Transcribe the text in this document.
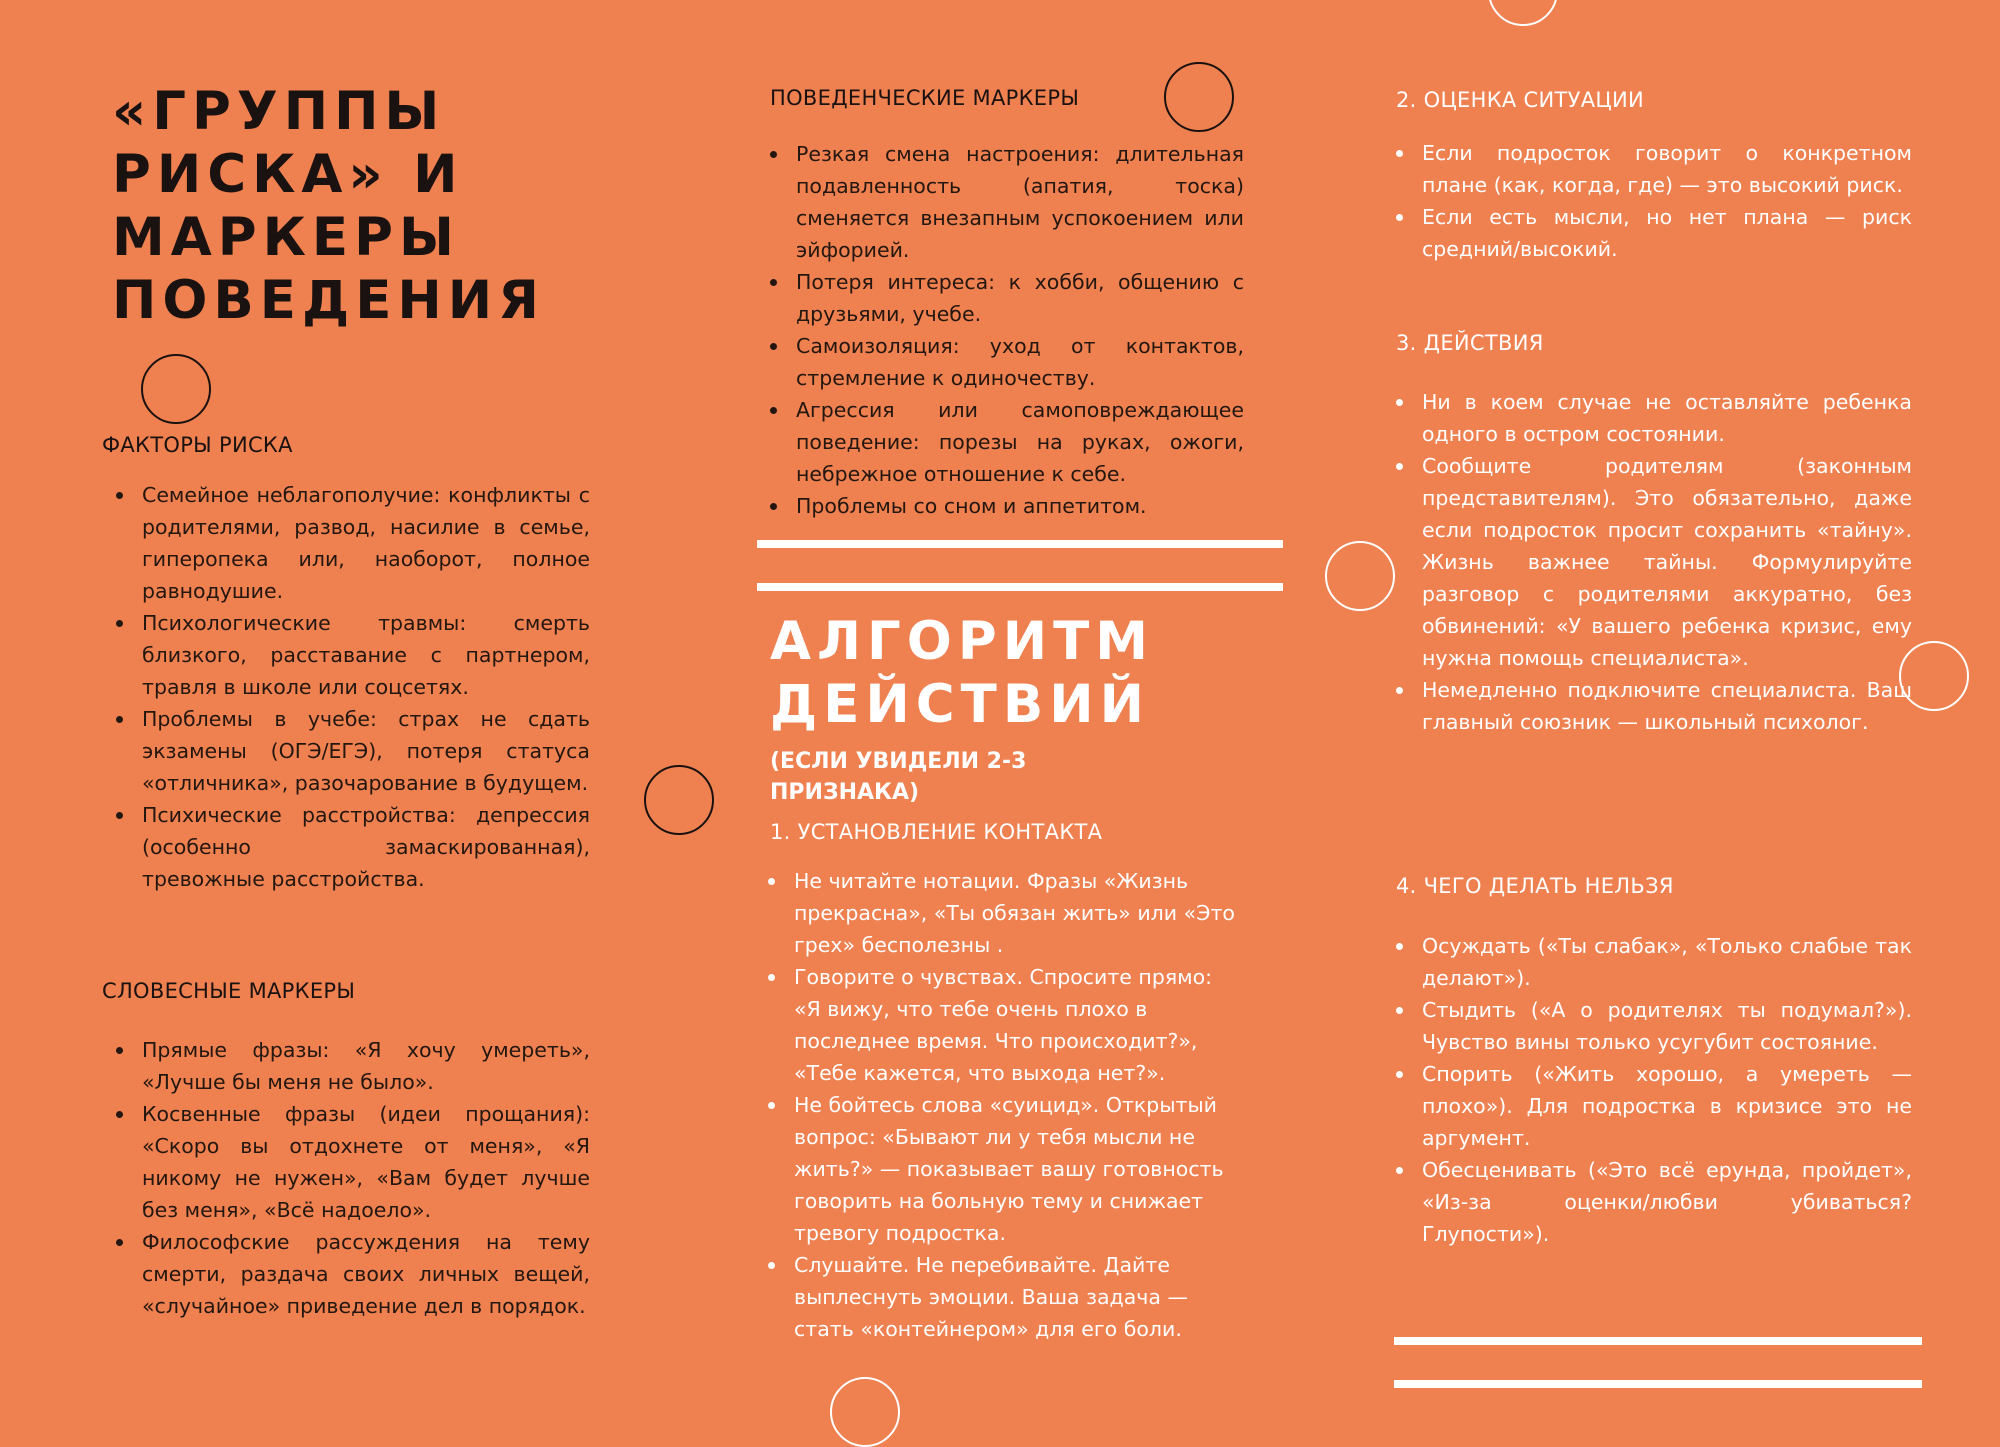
«ГРУППЫ
РИСКА» И
МАРКЕРЫ
ПОВЕДЕНИЯ
ФАКТОРЫ РИСКА
Семейное неблагополучие: конфликты с родителями, развод, насилие в семье, гиперопека или, наоборот, полное равнодушие.
Психологические травмы: смерть близкого, расставание с партнером, травля в школе или соцсетях.
Проблемы в учебе: страх не сдать экзамены (ОГЭ/ЕГЭ), потеря статуса «отличника», разочарование в будущем.
Психические расстройства: депрессия (особенно замаскированная), тревожные расстройства.
СЛОВЕСНЫЕ МАРКЕРЫ
Прямые фразы: «Я хочу умереть», «Лучше бы меня не было».
Косвенные фразы (идеи прощания): «Скоро вы отдохнете от меня», «Я никому не нужен», «Вам будет лучше без меня», «Всё надоело».
Философские рассуждения на тему смерти, раздача своих личных вещей, «случайное» приведение дел в порядок.
ПОВЕДЕНЧЕСКИЕ МАРКЕРЫ
Резкая смена настроения: длительная подавленность (апатия, тоска) сменяется внезапным успокоением или эйфорией.
Потеря интереса: к хобби, общению с друзьями, учебе.
Самоизоляция: уход от контактов, стремление к одиночеству.
Агрессия или самоповреждающее поведение: порезы на руках, ожоги, небрежное отношение к себе.
Проблемы со сном и аппетитом.
АЛГОРИТМ
ДЕЙСТВИЙ

(ЕСЛИ УВИДЕЛИ 2-3 ПРИЗНАКА)

1. УСТАНОВЛЕНИЕ КОНТАКТА
Не читайте нотации. Фразы «Жизнь прекрасна», «Ты обязан жить» или «Это грех» бесполезны .
Говорите о чувствах. Спросите прямо: «Я вижу, что тебе очень плохо в последнее время. Что происходит?», «Тебе кажется, что выхода нет?».
Не бойтесь слова «суицид». Открытый вопрос: «Бывают ли у тебя мысли не жить?» — показывает вашу готовность говорить на больную тему и снижает тревогу подростка.
Слушайте. Не перебивайте. Дайте выплеснуть эмоции. Ваша задача — стать «контейнером» для его боли.
2. ОЦЕНКА СИТУАЦИИ
Если подросток говорит о конкретном плане (как, когда, где) — это высокий риск.
Если есть мысли, но нет плана — риск средний/высокий.
3. ДЕЙСТВИЯ
Ни в коем случае не оставляйте ребенка одного в остром состоянии.
Сообщите родителям (законным представителям). Это обязательно, даже если подросток просит сохранить «тайну». Жизнь важнее тайны. Формулируйте разговор с родителями аккуратно, без обвинений: «У вашего ребенка кризис, ему нужна помощь специалиста».
Немедленно подключите специалиста. Ваш главный союзник — школьный психолог.
4. ЧЕГО ДЕЛАТЬ НЕЛЬЗЯ
Осуждать («Ты слабак», «Только слабые так делают»).
Стыдить («А о родителях ты подумал?»). Чувство вины только усугубит состояние.
Спорить («Жить хорошо, а умереть — плохо»). Для подростка в кризисе это не аргумент.
Обесценивать («Это всё ерунда, пройдет», «Из-за оценки/любви убиваться? Глупости»).
